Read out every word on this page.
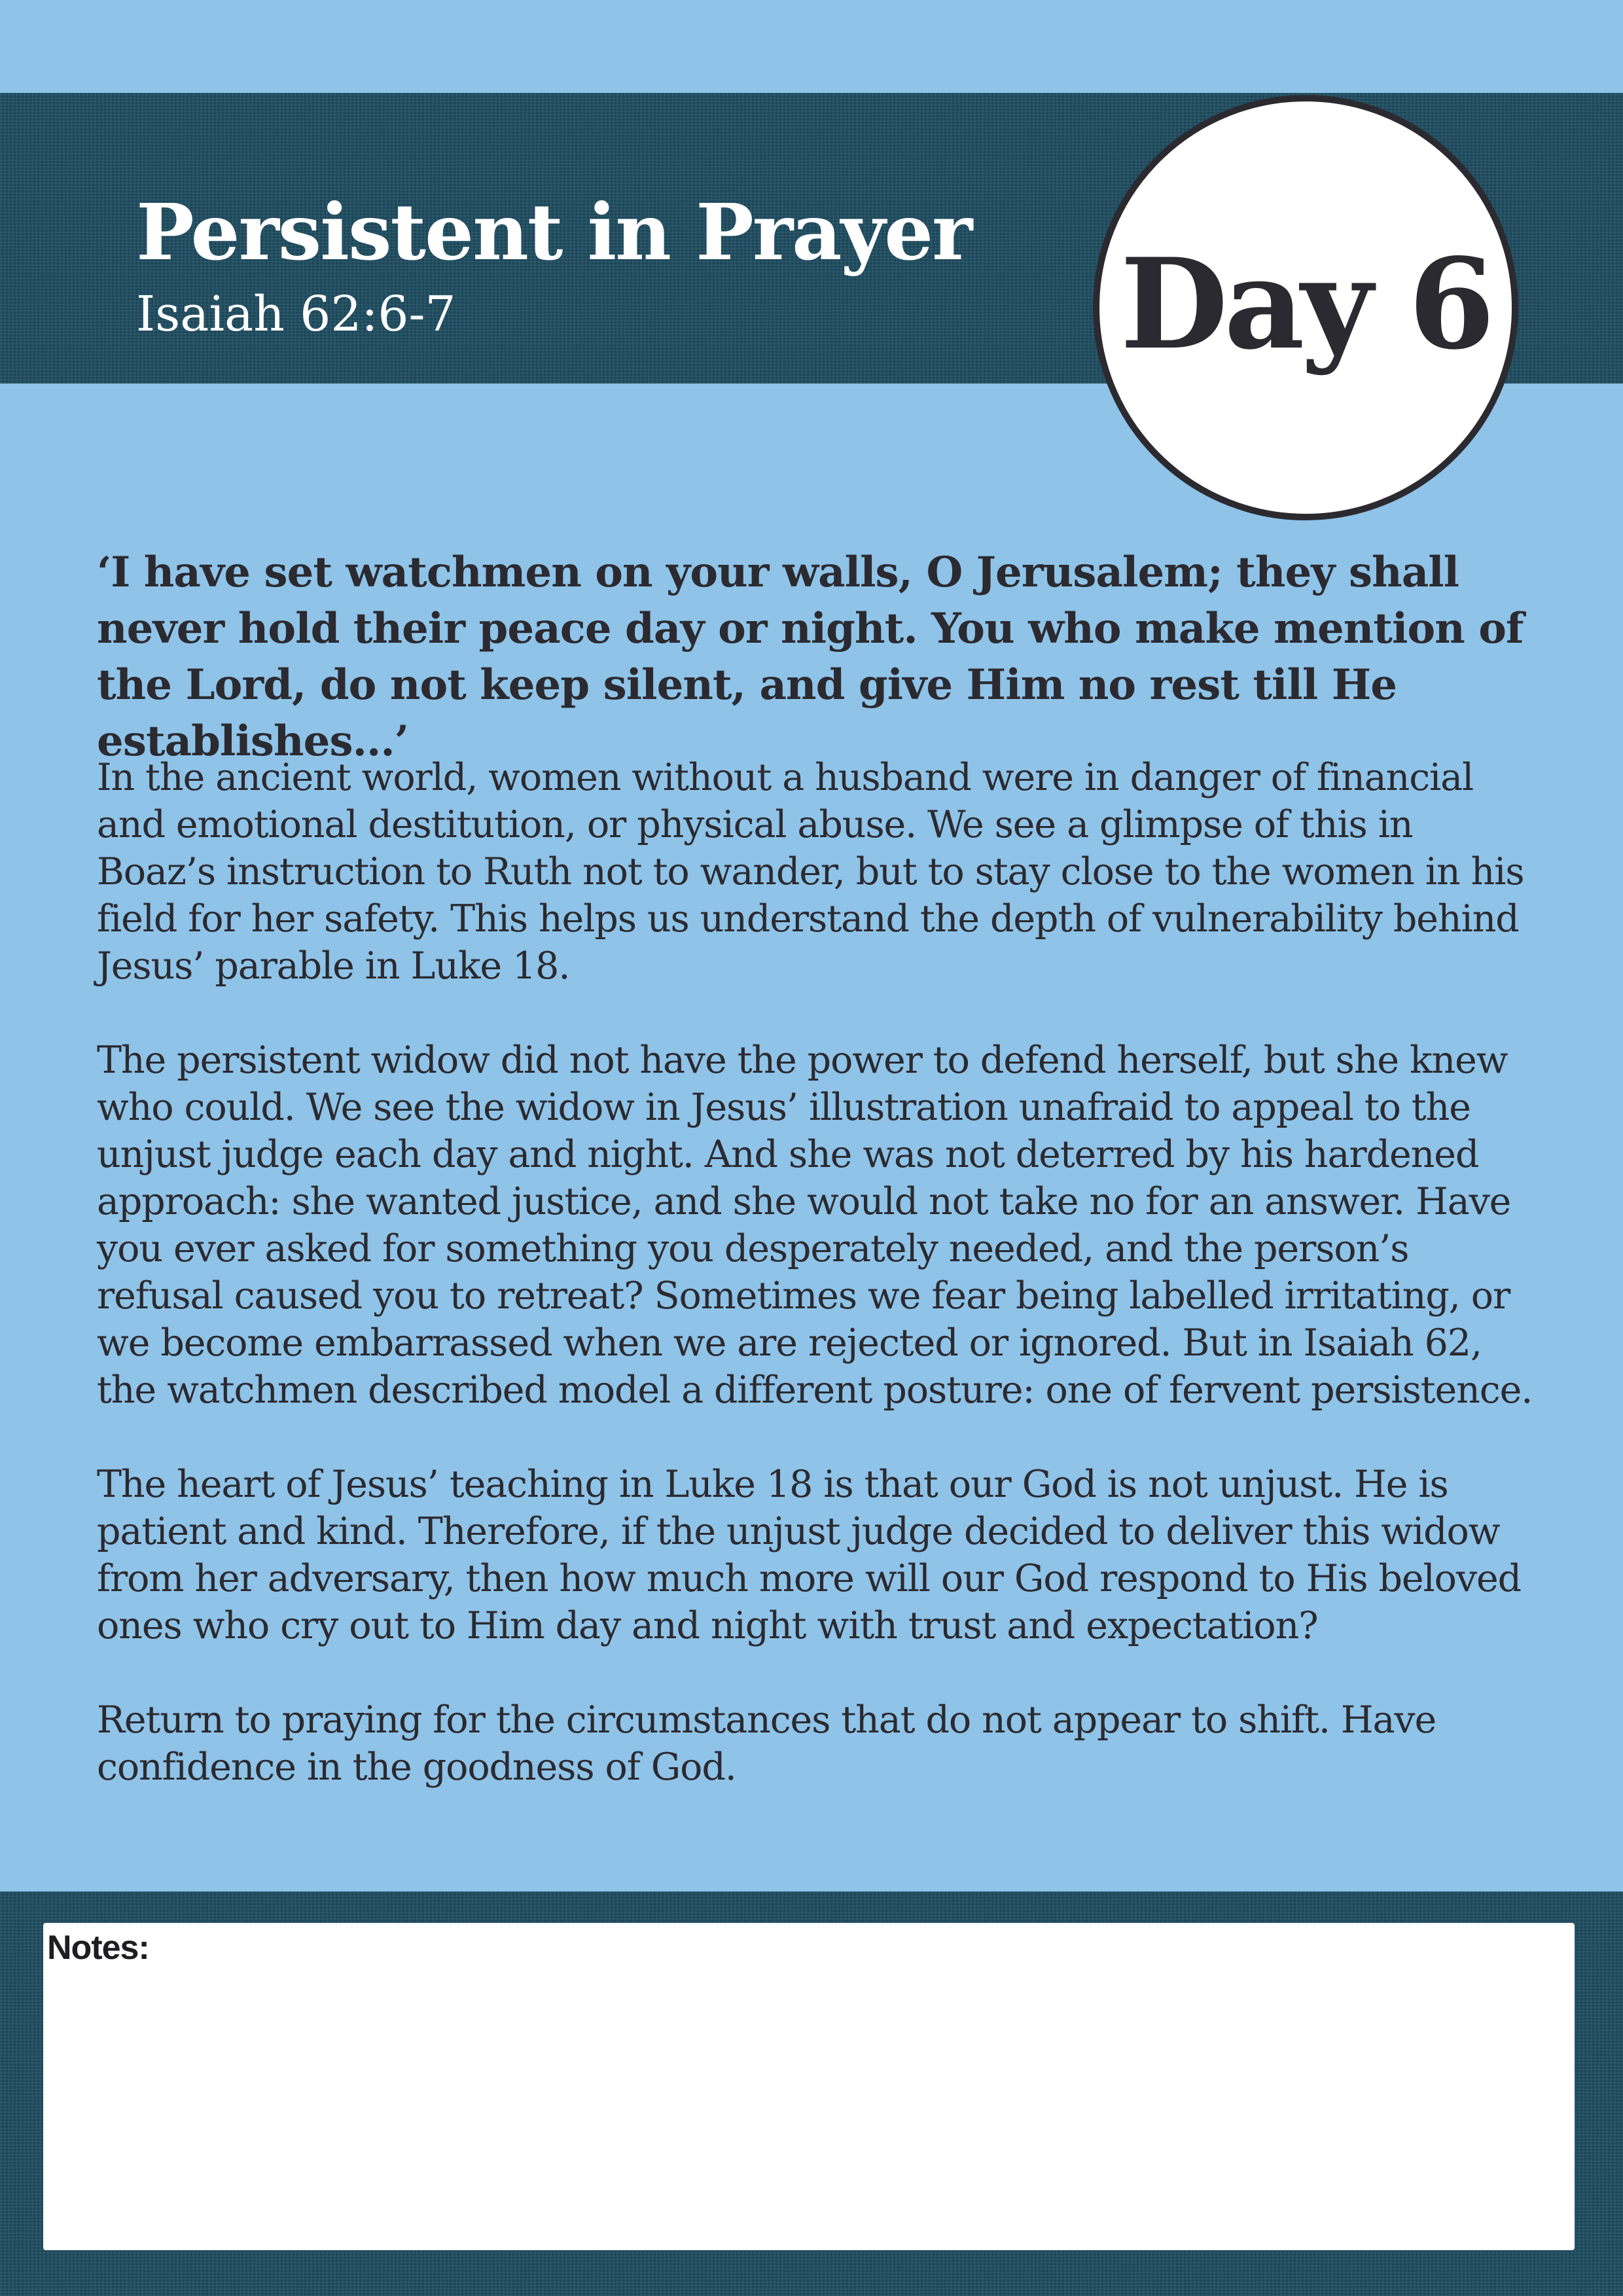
Persistent in Prayer
Isaiah 62:6-7	Day 6

‘I have set watchmen on your walls, O Jerusalem; they shall never hold their peace day or night. You who make mention of the Lord, do not keep silent, and give Him no rest till He establishes...’

In the ancient world, women without a husband were in danger of financial and emotional destitution, or physical abuse. We see a glimpse of this in Boaz’s instruction to Ruth not to wander, but to stay close to the women in his field for her safety. This helps us understand the depth of vulnerability behind Jesus’ parable in Luke 18.

The persistent widow did not have the power to defend herself, but she knew who could. We see the widow in Jesus’ illustration unafraid to appeal to the unjust judge each day and night. And she was not deterred by his hardened approach: she wanted justice, and she would not take no for an answer. Have you ever asked for something you desperately needed, and the person’s refusal caused you to retreat? Sometimes we fear being labelled irritating, or we become embarrassed when we are rejected or ignored. But in Isaiah 62, the watchmen described model a different posture: one of fervent persistence.

The heart of Jesus’ teaching in Luke 18 is that our God is not unjust. He is patient and kind. Therefore, if the unjust judge decided to deliver this widow from her adversary, then how much more will our God respond to His beloved ones who cry out to Him day and night with trust and expectation?

Return to praying for the circumstances that do not appear to shift. Have confidence in the goodness of God.

Notes:
